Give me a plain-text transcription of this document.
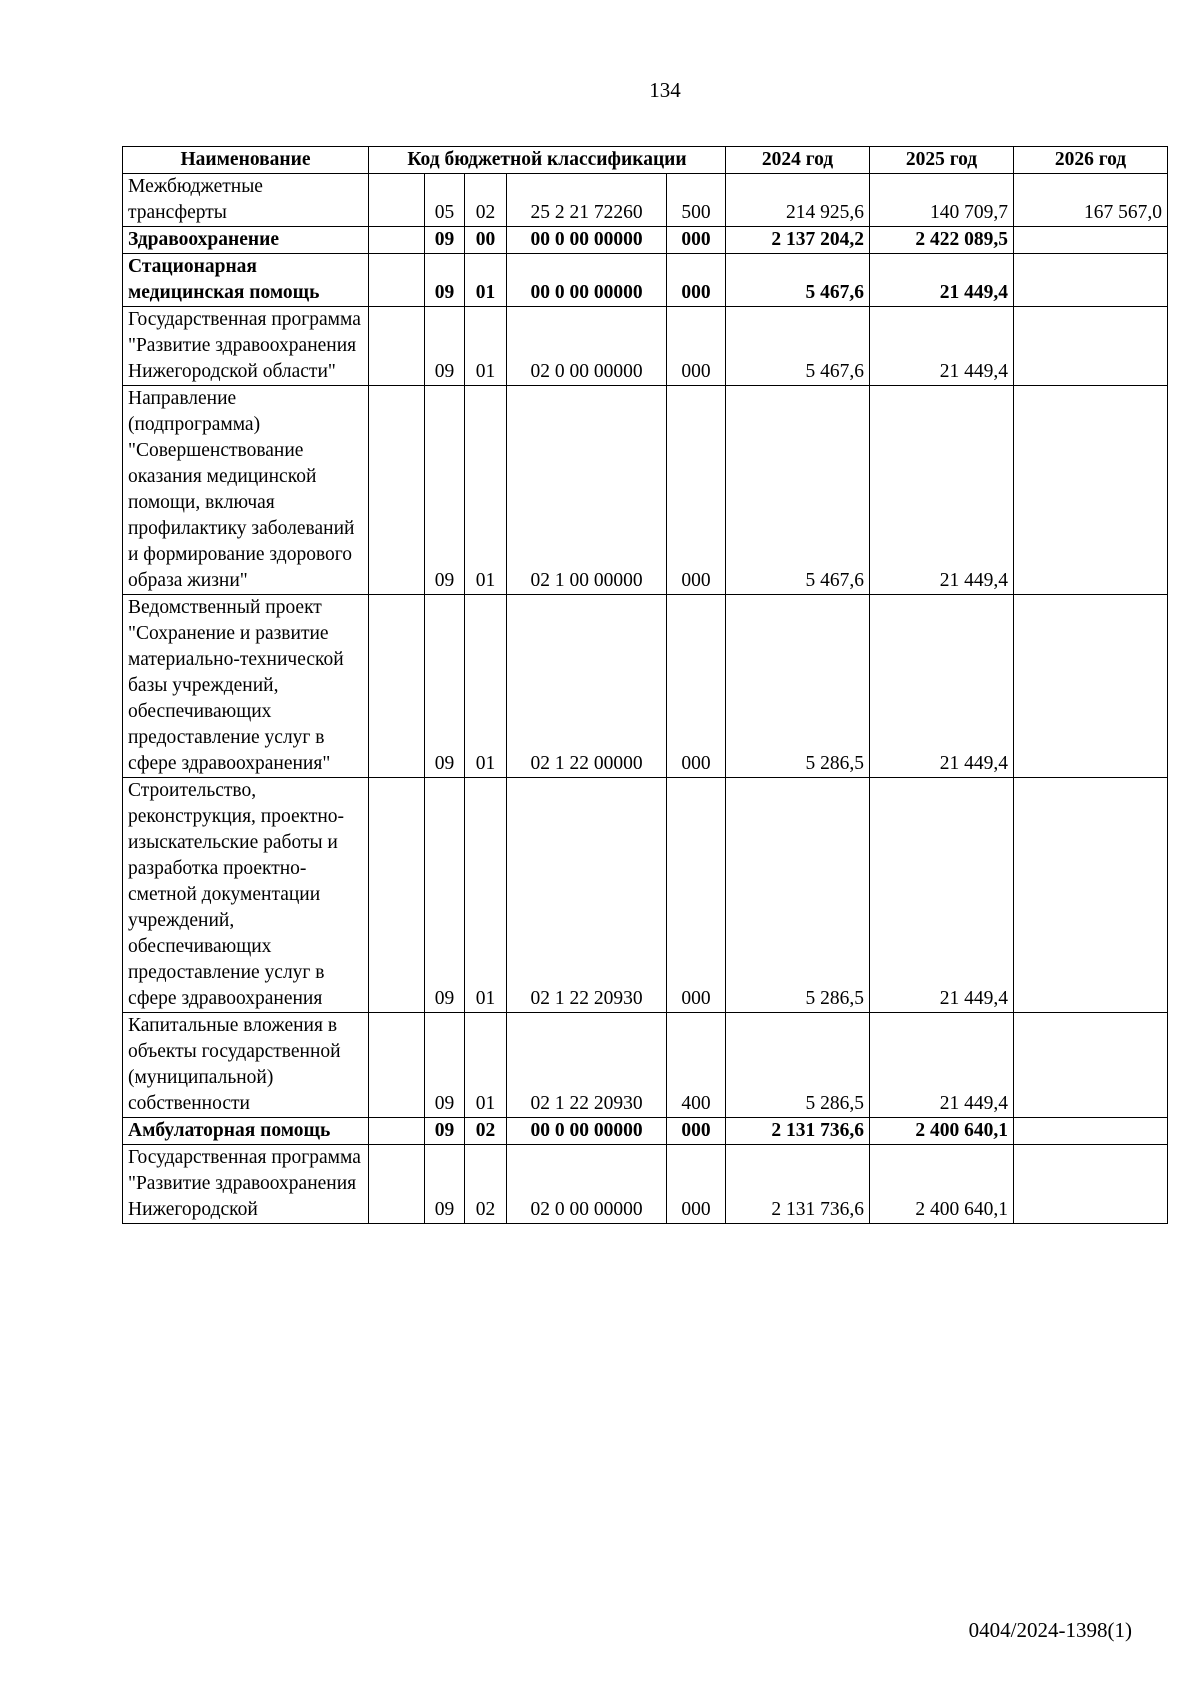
134
Наименование	Код бюджетной классификации					2024 год	2025 год	2026 год
Межбюджетные трансферты		05	02	25 2 21 72260	500	214 925,6	140 709,7	167 567,0
Здравоохранение		09	00	00 0 00 00000	000	2 137 204,2	2 422 089,5	
Стационарная медицинская помощь		09	01	00 0 00 00000	000	5 467,6	21 449,4	
Государственная программа "Развитие здравоохранения Нижегородской области"		09	01	02 0 00 00000	000	5 467,6	21 449,4	
Направление (подпрограмма) "Совершенствование оказания медицинской помощи, включая профилактику заболеваний и формирование здорового образа жизни"		09	01	02 1 00 00000	000	5 467,6	21 449,4	
Ведомственный проект "Сохранение и развитие материально-технической базы учреждений, обеспечивающих предоставление услуг в сфере здравоохранения"		09	01	02 1 22 00000	000	5 286,5	21 449,4	
Строительство, реконструкция, проектно-изыскательские работы и разработка проектно-сметной документации учреждений, обеспечивающих предоставление услуг в сфере здравоохранения		09	01	02 1 22 20930	000	5 286,5	21 449,4	
Капитальные вложения в объекты государственной (муниципальной) собственности		09	01	02 1 22 20930	400	5 286,5	21 449,4	
Амбулаторная помощь		09	02	00 0 00 00000	000	2 131 736,6	2 400 640,1	
Государственная программа "Развитие здравоохранения Нижегородской		09	02	02 0 00 00000	000	2 131 736,6	2 400 640,1	
0404/2024-1398(1)
